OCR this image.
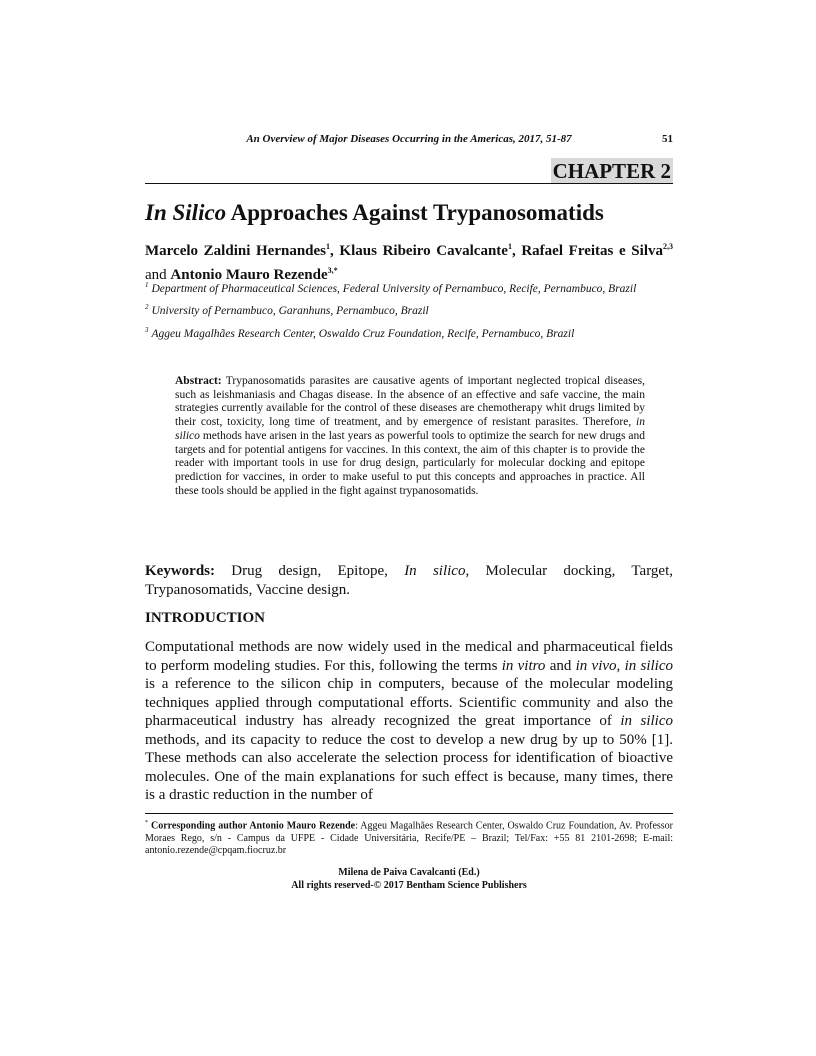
An Overview of Major Diseases Occurring in the Americas, 2017, 51-87	51
CHAPTER 2
In Silico Approaches Against Trypanosomatids
Marcelo Zaldini Hernandes$^1$, Klaus Ribeiro Cavalcante$^1$, Rafael Freitas e Silva$^{2,3}$ and Antonio Mauro Rezende$^{3,*}$

$^1$ Department of Pharmaceutical Sciences, Federal University of Pernambuco, Recife, Pernambuco, Brazil

$^2$ University of Pernambuco, Garanhuns, Pernambuco, Brazil

$^3$ Aggeu Magalhães Research Center, Oswaldo Cruz Foundation, Recife, Pernambuco, Brazil

Abstract: Trypanosomatids parasites are causative agents of important neglected tropical diseases, such as leishmaniasis and Chagas disease. In the absence of an effective and safe vaccine, the main strategies currently available for the control of these diseases are chemotherapy whit drugs limited by their cost, toxicity, long time of treatment, and by emergence of resistant parasites. Therefore, in silico methods have arisen in the last years as powerful tools to optimize the search for new drugs and targets and for potential antigens for vaccines. In this context, the aim of this chapter is to provide the reader with important tools in use for drug design, particularly for molecular docking and epitope prediction for vaccines, in order to make useful to put this concepts and approaches in practice. All these tools should be applied in the fight against trypanosomatids.
Keywords: Drug design, Epitope, In silico, Molecular docking, Target, Trypanosomatids, Vaccine design.
INTRODUCTION
Computational methods are now widely used in the medical and pharmaceutical fields to perform modeling studies. For this, following the terms in vitro and in vivo, in silico is a reference to the silicon chip in computers, because of the molecular modeling techniques applied through computational efforts. Scientific community and also the pharmaceutical industry has already recognized the great importance of in silico methods, and its capacity to reduce the cost to develop a new drug by up to 50% [1]. These methods can also accelerate the selection process for identification of bioactive molecules. One of the main explanations for such effect is because, many times, there is a drastic reduction in the number of
* Corresponding author Antonio Mauro Rezende: Aggeu Magalhães Research Center, Oswaldo Cruz Foundation, Av. Professor Moraes Rego, s/n - Campus da UFPE - Cidade Universitária, Recife/PE – Brazil; Tel/Fax: +55 81 2101-2698; E-mail: antonio.rezende@cpqam.fiocruz.br
Milena de Paiva Cavalcanti (Ed.)
All rights reserved-© 2017 Bentham Science Publishers
